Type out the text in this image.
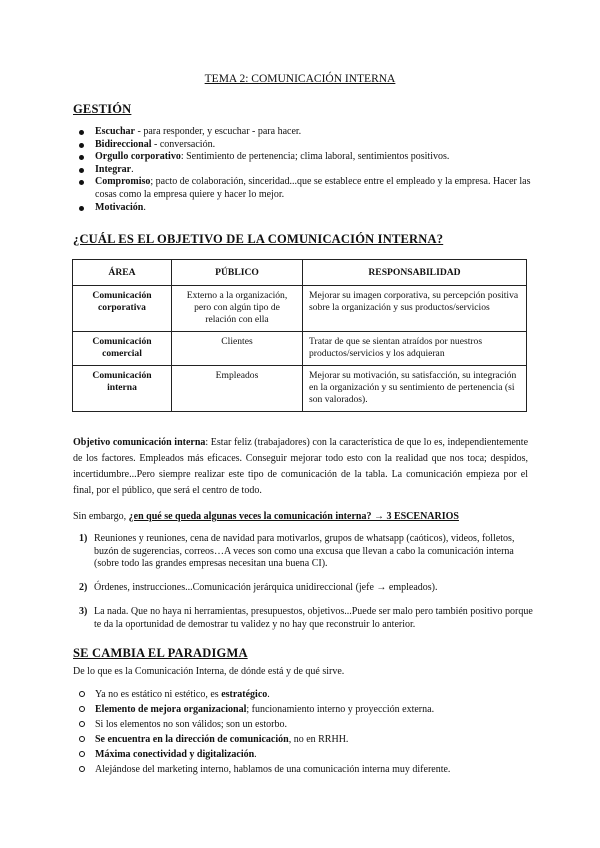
TEMA 2: COMUNICACIÓN INTERNA
GESTIÓN
Escuchar - para responder, y escuchar - para hacer.
Bidireccional - conversación.
Orgullo corporativo: Sentimiento de pertenencia; clima laboral, sentimientos positivos.
Integrar.
Compromiso; pacto de colaboración, sinceridad...que se establece entre el empleado y la empresa. Hacer las cosas como la empresa quiere y hacer lo mejor.
Motivación.
¿CUÁL ES EL OBJETIVO DE LA COMUNICACIÓN INTERNA?
ÁREA	PÚBLICO	RESPONSABILIDAD
Comunicación corporativa	Externo a la organización, pero con algún tipo de relación con ella	Mejorar su imagen corporativa, su percepción positiva sobre la organización y sus productos/servicios
Comunicación comercial	Clientes	Tratar de que se sientan atraídos por nuestros productos/servicios y los adquieran
Comunicación interna	Empleados	Mejorar su motivación, su satisfacción, su integración en la organización y su sentimiento de pertenencia (si son valorados).
Objetivo comunicación interna: Estar feliz (trabajadores) con la característica de que lo es, independientemente de los factores. Empleados más eficaces. Conseguir mejorar todo esto con la realidad que nos toca; despidos, incertidumbre...Pero siempre realizar este tipo de comunicación de la tabla. La comunicación empieza por el final, por el público, que será el centro de todo.
Sin embargo, ¿en qué se queda algunas veces la comunicación interna? → 3 ESCENARIOS
1) Reuniones y reuniones, cena de navidad para motivarlos, grupos de whatsapp (caóticos), videos, folletos, buzón de sugerencias, correos…A veces son como una excusa que llevan a cabo la comunicación interna (sobre todo las grandes empresas necesitan una buena CI).
2) Órdenes, instrucciones...Comunicación jerárquica unidireccional (jefe → empleados).
3) La nada. Que no haya ni herramientas, presupuestos, objetivos...Puede ser malo pero también positivo porque te da la oportunidad de demostrar tu validez y no hay que reconstruir lo anterior.
SE CAMBIA EL PARADIGMA
De lo que es la Comunicación Interna, de dónde está y de qué sirve.
Ya no es estático ni estético, es estratégico.
Elemento de mejora organizacional; funcionamiento interno y proyección externa.
Si los elementos no son válidos; son un estorbo.
Se encuentra en la dirección de comunicación, no en RRHH.
Máxima conectividad y digitalización.
Alejándose del marketing interno, hablamos de una comunicación interna muy diferente.
